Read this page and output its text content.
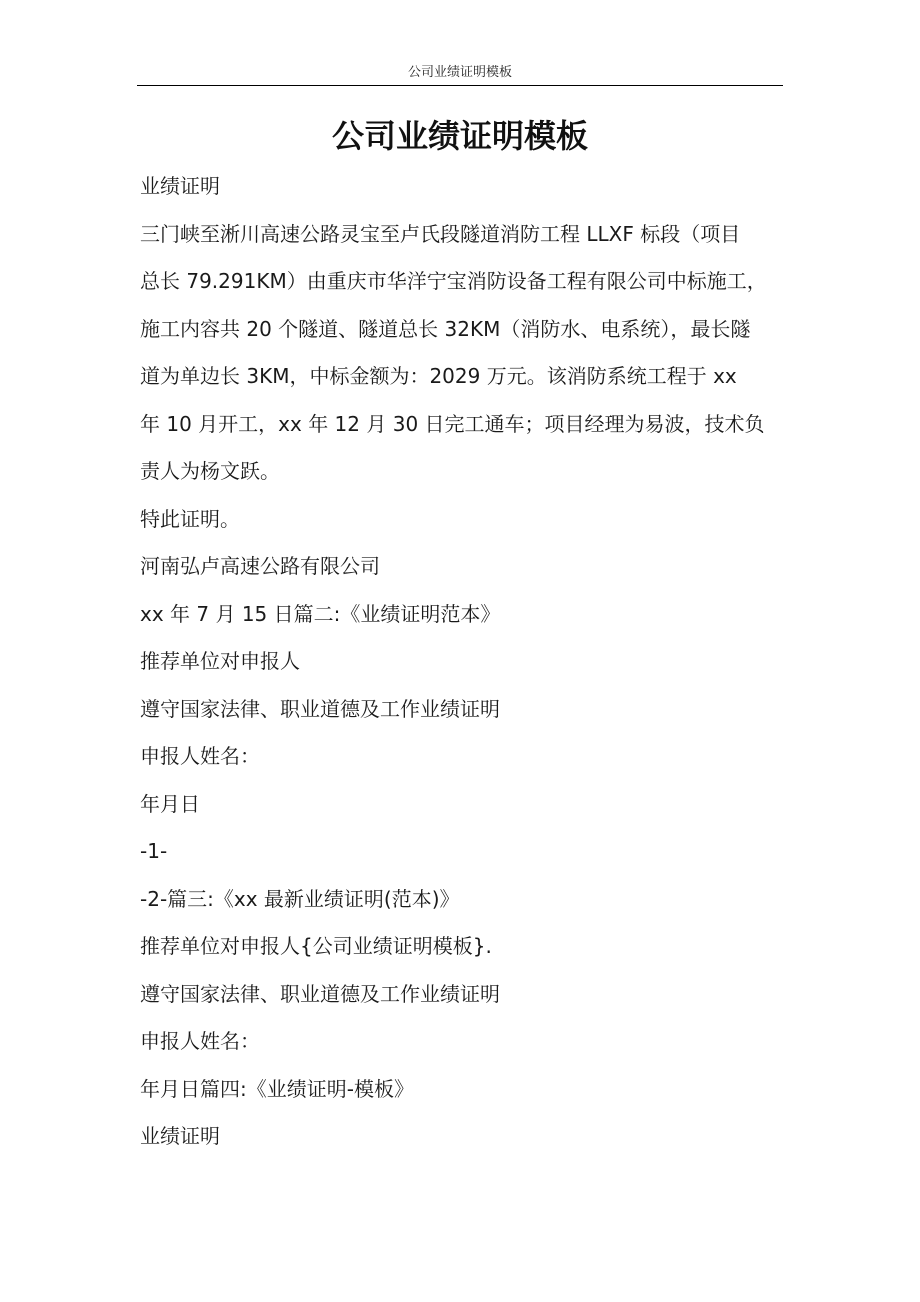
公司业绩证明模板
公司业绩证明模板
业绩证明
三门峡至淅川高速公路灵宝至卢氏段隧道消防工程 LLXF 标段（项目
总长 79.291KM）由重庆市华洋宁宝消防设备工程有限公司中标施工，
施工内容共 20 个隧道、隧道总长 32KM（消防水、电系统），最长隧
道为单边长 3KM，中标金额为：2029 万元。该消防系统工程于 xx
年 10 月开工，xx 年 12 月 30 日完工通车；项目经理为易波，技术负
责人为杨文跃。
特此证明。
河南弘卢高速公路有限公司
xx 年 7 月 15 日篇二:《业绩证明范本》
推荐单位对申报人
遵守国家法律、职业道德及工作业绩证明
申报人姓名：
年月日
-1-
-2-篇三:《xx 最新业绩证明(范本)》
推荐单位对申报人{公司业绩证明模板}.
遵守国家法律、职业道德及工作业绩证明
申报人姓名：
年月日篇四:《业绩证明-模板》
业绩证明
